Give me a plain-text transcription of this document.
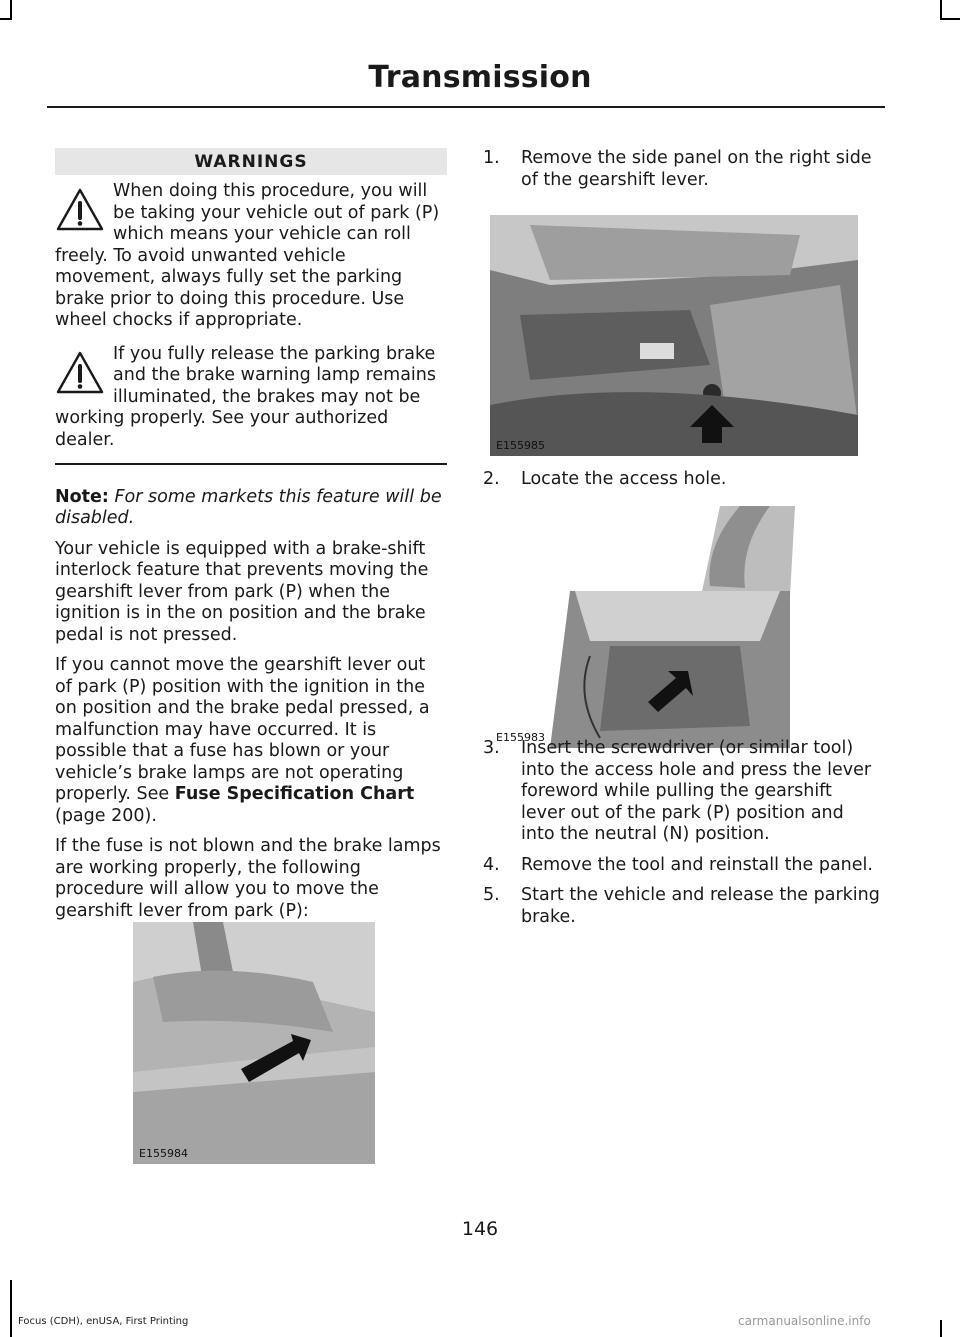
Transmission
WARNINGS
When doing this procedure, you will be taking your vehicle out of park (P) which means your vehicle can roll freely. To avoid unwanted vehicle movement, always fully set the parking brake prior to doing this procedure. Use wheel chocks if appropriate.
If you fully release the parking brake and the brake warning lamp remains illuminated, the brakes may not be working properly. See your authorized dealer.

Note: For some markets this feature will be disabled.

Your vehicle is equipped with a brake-shift interlock feature that prevents moving the gearshift lever from park (P) when the ignition is in the on position and the brake pedal is not pressed.

If you cannot move the gearshift lever out of park (P) position with the ignition in the on position and the brake pedal pressed, a malfunction may have occurred. It is possible that a fuse has blown or your vehicle’s brake lamps are not operating properly. See Fuse Specification Chart (page 200).

If the fuse is not blown and the brake lamps are working properly, the following procedure will allow you to move the gearshift lever from park (P):

E155984
1.	Remove the side panel on the right side of the gearshift lever.
E155985
2.	Locate the access hole.
E155983
3.	Insert the screwdriver (or similar tool) into the access hole and press the lever foreword while pulling the gearshift lever out of the park (P) position and into the neutral (N) position.
4.	Remove the tool and reinstall the panel.
5.	Start the vehicle and release the parking brake.
146
Focus (CDH), enUSA, First Printing	carmanualsonline.info
